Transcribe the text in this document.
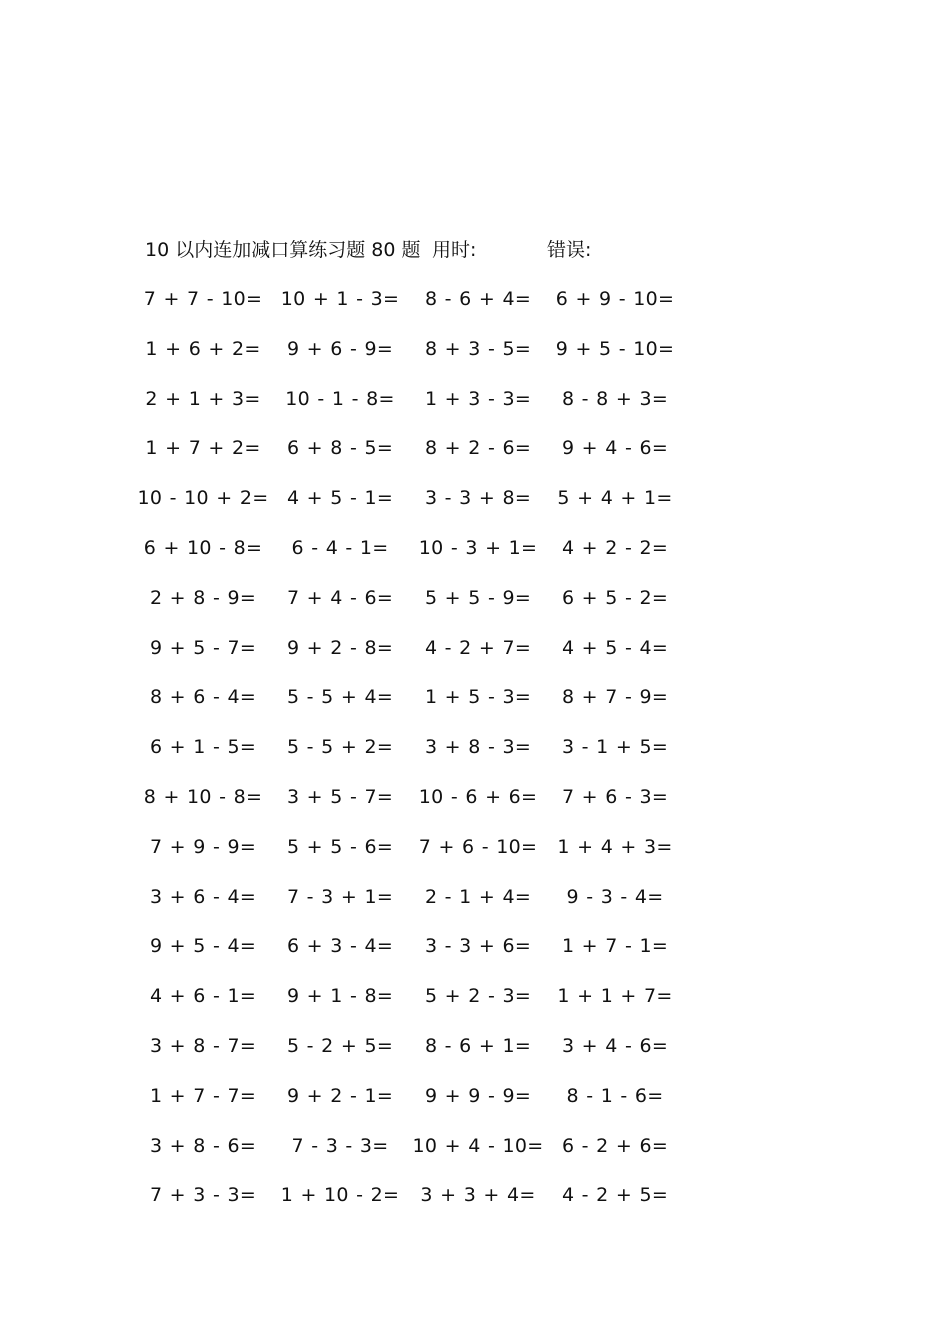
10 以内连加减口算练习题 80 题 用时:	错误:
7 + 7 - 10= 10 + 1 - 3=	8 - 6 + 4=	6 + 9 - 10=
1 + 6 + 2=	9 + 6 - 9=	8 + 3 - 5=	9 + 5 - 10=
2 + 1 + 3=	10 - 1 - 8=	1 + 3 - 3=	8 - 8 + 3=
1 + 7 + 2=	6 + 8 - 5=	8 + 2 - 6=	9 + 4 - 6=
10 - 10 + 2= 4 + 5 - 1=	3 - 3 + 8=	5 + 4 + 1=
6 + 10 - 8=	6 - 4 - 1=	10 - 3 + 1=	4 + 2 - 2=
2 + 8 - 9=	7 + 4 - 6=	5 + 5 - 9=	6 + 5 - 2=
9 + 5 - 7=	9 + 2 - 8=	4 - 2 + 7=	4 + 5 - 4=
8 + 6 - 4=	5 - 5 + 4=	1 + 5 - 3=	8 + 7 - 9=
6 + 1 - 5=	5 - 5 + 2=	3 + 8 - 3=	3 - 1 + 5=
8 + 10 - 8=	3 + 5 - 7=	10 - 6 + 6=	7 + 6 - 3=
7 + 9 - 9=	5 + 5 - 6=	7 + 6 - 10=	1 + 4 + 3=
3 + 6 - 4=	7 - 3 + 1=	2 - 1 + 4=	9 - 3 - 4=
9 + 5 - 4=	6 + 3 - 4=	3 - 3 + 6=	1 + 7 - 1=
4 + 6 - 1=	9 + 1 - 8=	5 + 2 - 3=	1 + 1 + 7=
3 + 8 - 7=	5 - 2 + 5=	8 - 6 + 1=	3 + 4 - 6=
1 + 7 - 7=	9 + 2 - 1=	9 + 9 - 9=	8 - 1 - 6=
3 + 8 - 6=	7 - 3 - 3=	10 + 4 - 10= 6 - 2 + 6=
7 + 3 - 3=	1 + 10 - 2=	3 + 3 + 4=	4 - 2 + 5=
